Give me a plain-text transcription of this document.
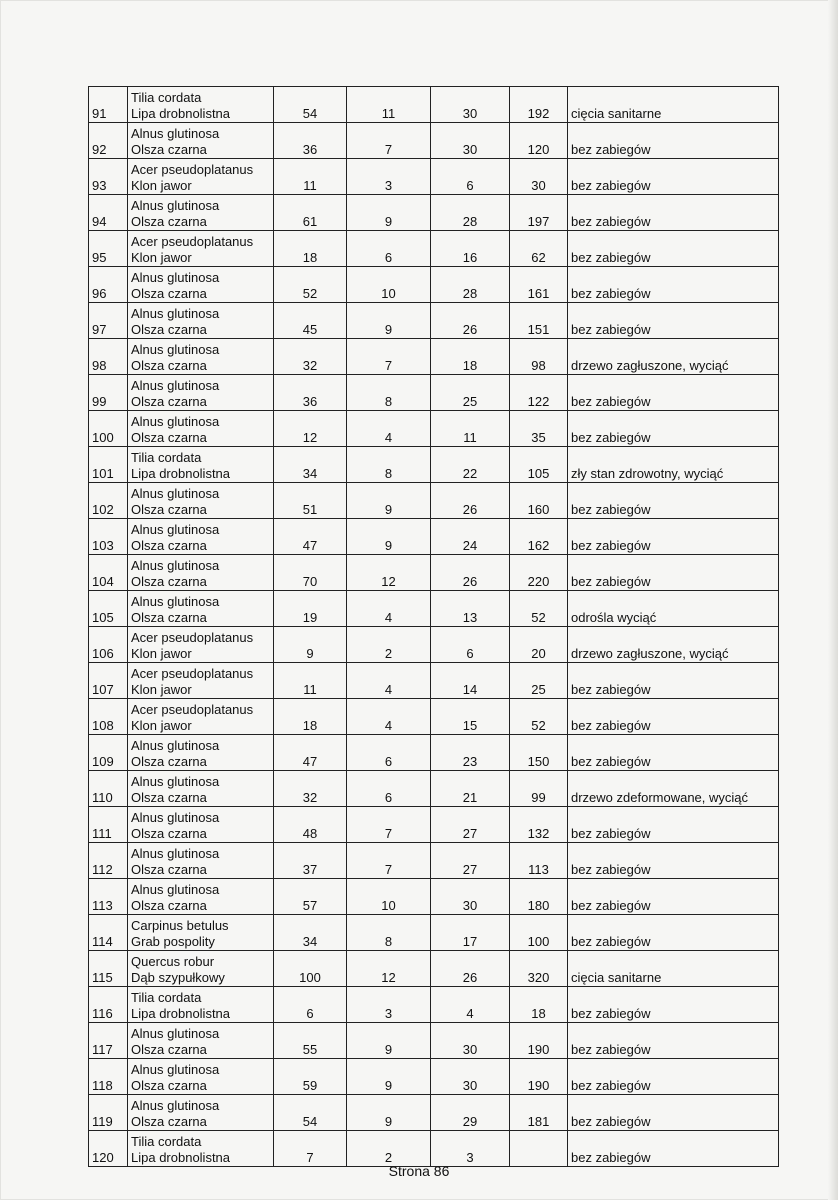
91	Tilia cordata
Lipa drobnolistna	54	11	30	192	cięcia sanitarne
92	Alnus glutinosa
Olsza czarna	36	7	30	120	bez zabiegów
93	Acer pseudoplatanus
Klon jawor	11	3	6	30	bez zabiegów
94	Alnus glutinosa
Olsza czarna	61	9	28	197	bez zabiegów
95	Acer pseudoplatanus
Klon jawor	18	6	16	62	bez zabiegów
96	Alnus glutinosa
Olsza czarna	52	10	28	161	bez zabiegów
97	Alnus glutinosa
Olsza czarna	45	9	26	151	bez zabiegów
98	Alnus glutinosa
Olsza czarna	32	7	18	98	drzewo zagłuszone, wyciąć
99	Alnus glutinosa
Olsza czarna	36	8	25	122	bez zabiegów
100	Alnus glutinosa
Olsza czarna	12	4	11	35	bez zabiegów
101	Tilia cordata
Lipa drobnolistna	34	8	22	105	zły stan zdrowotny, wyciąć
102	Alnus glutinosa
Olsza czarna	51	9	26	160	bez zabiegów
103	Alnus glutinosa
Olsza czarna	47	9	24	162	bez zabiegów
104	Alnus glutinosa
Olsza czarna	70	12	26	220	bez zabiegów
105	Alnus glutinosa
Olsza czarna	19	4	13	52	odrośla wyciąć
106	Acer pseudoplatanus
Klon jawor	9	2	6	20	drzewo zagłuszone, wyciąć
107	Acer pseudoplatanus
Klon jawor	11	4	14	25	bez zabiegów
108	Acer pseudoplatanus
Klon jawor	18	4	15	52	bez zabiegów
109	Alnus glutinosa
Olsza czarna	47	6	23	150	bez zabiegów
110	Alnus glutinosa
Olsza czarna	32	6	21	99	drzewo zdeformowane, wyciąć
111	Alnus glutinosa
Olsza czarna	48	7	27	132	bez zabiegów
112	Alnus glutinosa
Olsza czarna	37	7	27	113	bez zabiegów
113	Alnus glutinosa
Olsza czarna	57	10	30	180	bez zabiegów
114	Carpinus betulus
Grab pospolity	34	8	17	100	bez zabiegów
115	Quercus robur
Dąb szypułkowy	100	12	26	320	cięcia sanitarne
116	Tilia cordata
Lipa drobnolistna	6	3	4	18	bez zabiegów
117	Alnus glutinosa
Olsza czarna	55	9	30	190	bez zabiegów
118	Alnus glutinosa
Olsza czarna	59	9	30	190	bez zabiegów
119	Alnus glutinosa
Olsza czarna	54	9	29	181	bez zabiegów
120	Tilia cordata
Lipa drobnolistna	7	2	3		bez zabiegów
Strona 86
